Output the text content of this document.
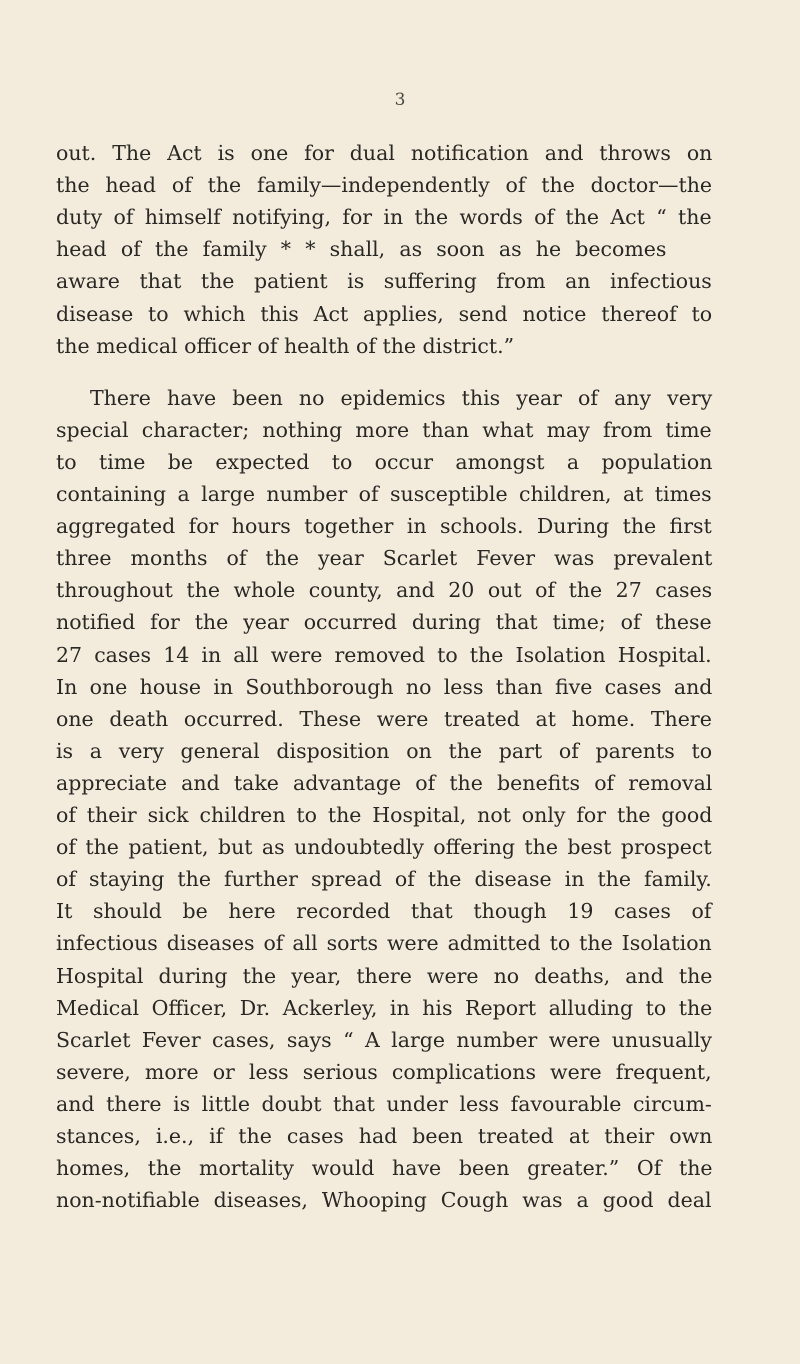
3
out. The Act is one for dual notification and throws on
the head of the family—independently of the doctor—the
duty of himself notifying, for in the words of the Act “ the
head of the family * * shall, as soon as he becomes
aware that the patient is suffering from an infectious
disease to which this Act applies, send notice thereof to
the medical officer of health of the district.”
There have been no epidemics this year of any very
special character; nothing more than what may from time
to time be expected to occur amongst a population
containing a large number of susceptible children, at times
aggregated for hours together in schools. During the first
three months of the year Scarlet Fever was prevalent
throughout the whole county, and 20 out of the 27 cases
notified for the year occurred during that time; of these
27 cases 14 in all were removed to the Isolation Hospital.
In one house in Southborough no less than five cases and
one death occurred. These were treated at home. There
is a very general disposition on the part of parents to
appreciate and take advantage of the benefits of removal
of their sick children to the Hospital, not only for the good
of the patient, but as undoubtedly offering the best prospect
of staying the further spread of the disease in the family.
It should be here recorded that though 19 cases of
infectious diseases of all sorts were admitted to the Isolation
Hospital during the year, there were no deaths, and the
Medical Officer, Dr. Ackerley, in his Report alluding to the
Scarlet Fever cases, says “ A large number were unusually
severe, more or less serious complications were frequent,
and there is little doubt that under less favourable circum-
stances, i.e., if the cases had been treated at their own
homes, the mortality would have been greater.” Of the
non-notifiable diseases, Whooping Cough was a good deal
